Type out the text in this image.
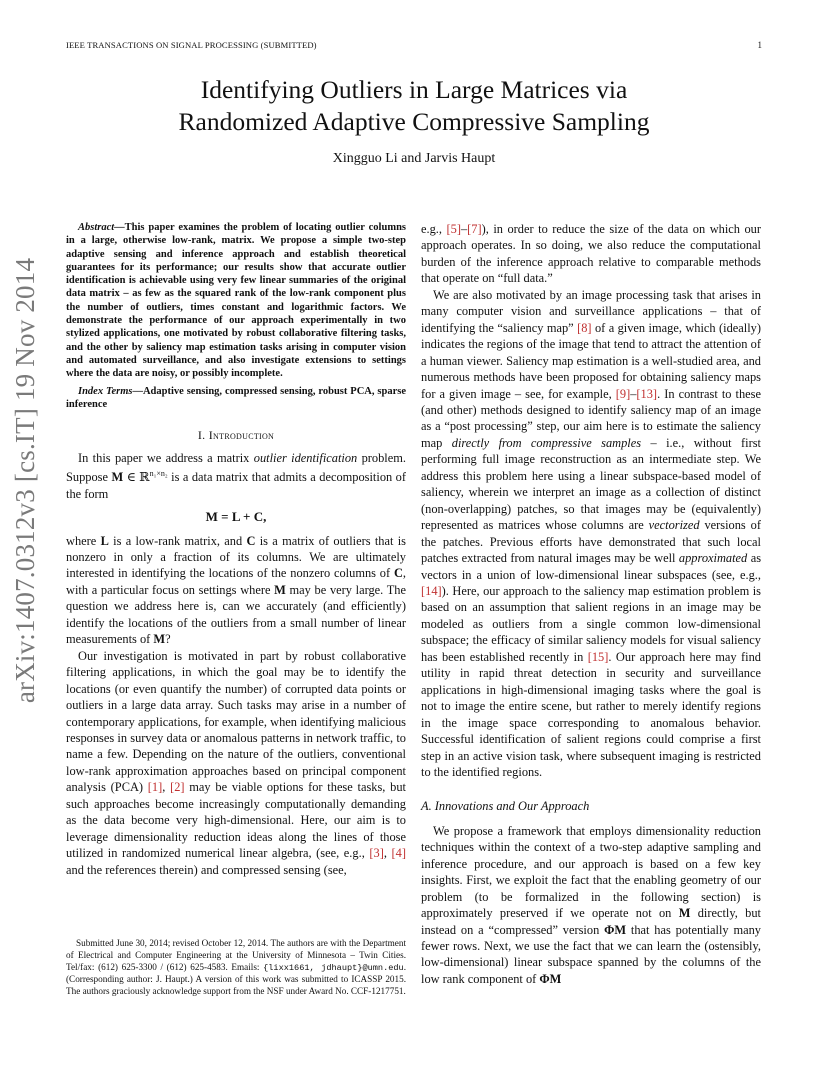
IEEE TRANSACTIONS ON SIGNAL PROCESSING (SUBMITTED)	1
Identifying Outliers in Large Matrices via
Randomized Adaptive Compressive Sampling
Xingguo Li and Jarvis Haupt
arXiv:1407.0312v3 [cs.IT] 19 Nov 2014

Abstract—This paper examines the problem of locating outlier columns in a large, otherwise low-rank, matrix. We propose a simple two-step adaptive sensing and inference approach and establish theoretical guarantees for its performance; our results show that accurate outlier identification is achievable using very few linear summaries of the original data matrix – as few as the squared rank of the low-rank component plus the number of outliers, times constant and logarithmic factors. We demonstrate the performance of our approach experimentally in two stylized applications, one motivated by robust collaborative filtering tasks, and the other by saliency map estimation tasks arising in computer vision and automated surveillance, and also investigate extensions to settings where the data are noisy, or possibly incomplete.

Index Terms—Adaptive sensing, compressed sensing, robust PCA, sparse inference

I. Introduction

In this paper we address a matrix outlier identification problem. Suppose M ∈ ℝ$^{n_1\times n_2}$ is a data matrix that admits a decomposition of the form

M = L + C,

where L is a low-rank matrix, and C is a matrix of outliers that is nonzero in only a fraction of its columns. We are ultimately interested in identifying the locations of the nonzero columns of C, with a particular focus on settings where M may be very large. The question we address here is, can we accurately (and efficiently) identify the locations of the outliers from a small number of linear measurements of M?

Our investigation is motivated in part by robust collaborative filtering applications, in which the goal may be to identify the locations (or even quantify the number) of corrupted data points or outliers in a large data array. Such tasks may arise in a number of contemporary applications, for example, when identifying malicious responses in survey data or anomalous patterns in network traffic, to name a few. Depending on the nature of the outliers, conventional low-rank approximation approaches based on principal component analysis (PCA) [1], [2] may be viable options for these tasks, but such approaches become increasingly computationally demanding as the data become very high-dimensional. Here, our aim is to leverage dimensionality reduction ideas along the lines of those utilized in randomized numerical linear algebra, (see, e.g., [3], [4] and the references therein) and compressed sensing (see,

Submitted June 30, 2014; revised October 12, 2014. The authors are with the Department of Electrical and Computer Engineering at the University of Minnesota – Twin Cities. Tel/fax: (612) 625-3300 / (612) 625-4583. Emails: {lixx1661, jdhaupt}@umn.edu. (Corresponding author: J. Haupt.) A version of this work was submitted to ICASSP 2015. The authors graciously acknowledge support from the NSF under Award No. CCF-1217751.

e.g., [5]–[7]), in order to reduce the size of the data on which our approach operates. In so doing, we also reduce the computational burden of the inference approach relative to comparable methods that operate on “full data.”

We are also motivated by an image processing task that arises in many computer vision and surveillance applications – that of identifying the “saliency map” [8] of a given image, which (ideally) indicates the regions of the image that tend to attract the attention of a human viewer. Saliency map estimation is a well-studied area, and numerous methods have been proposed for obtaining saliency maps for a given image – see, for example, [9]–[13]. In contrast to these (and other) methods designed to identify saliency map of an image as a “post processing” step, our aim here is to estimate the saliency map directly from compressive samples – i.e., without first performing full image reconstruction as an intermediate step. We address this problem here using a linear subspace-based model of saliency, wherein we interpret an image as a collection of distinct (non-overlapping) patches, so that images may be (equivalently) represented as matrices whose columns are vectorized versions of the patches. Previous efforts have demonstrated that such local patches extracted from natural images may be well approximated as vectors in a union of low-dimensional linear subspaces (see, e.g., [14]). Here, our approach to the saliency map estimation problem is based on an assumption that salient regions in an image may be modeled as outliers from a single common low-dimensional subspace; the efficacy of similar saliency models for visual saliency has been established recently in [15]. Our approach here may find utility in rapid threat detection in security and surveillance applications in high-dimensional imaging tasks where the goal is not to image the entire scene, but rather to merely identify regions in the image space corresponding to anomalous behavior. Successful identification of salient regions could comprise a first step in an active vision task, where subsequent imaging is restricted to the identified regions.

A. Innovations and Our Approach

We propose a framework that employs dimensionality reduction techniques within the context of a two-step adaptive sampling and inference procedure, and our approach is based on a few key insights. First, we exploit the fact that the enabling geometry of our problem (to be formalized in the following section) is approximately preserved if we operate not on M directly, but instead on a “compressed” version ΦM that has potentially many fewer rows. Next, we use the fact that we can learn the (ostensibly, low-dimensional) linear subspace spanned by the columns of the low rank component of ΦM
